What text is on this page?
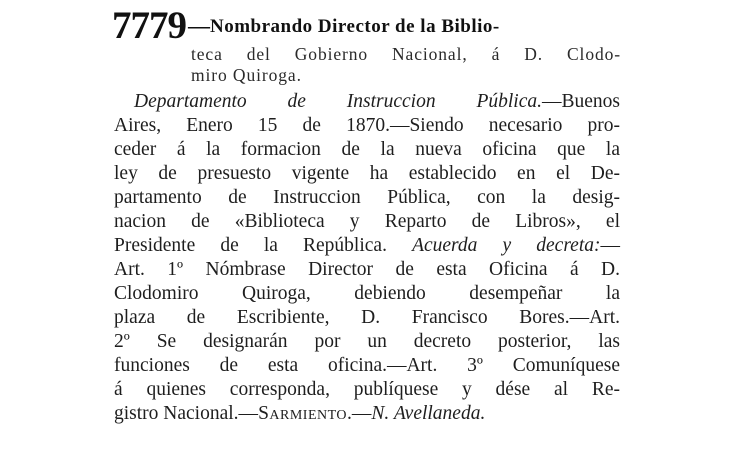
7779 — Nombrando Director de la Biblio-
teca del Gobierno Nacional, á D. Clodo-
miro Quiroga.
Departamento de Instruccion Pública.—Buenos
Aires, Enero 15 de 1870.—Siendo necesario pro-
ceder á la formacion de la nueva oficina que la
ley de presuesto vigente ha establecido en el De-
partamento de Instruccion Pública, con la desig-
nacion de «Biblioteca y Reparto de Libros», el
Presidente de la República. Acuerda y decreta:—
Art. 1º Nómbrase Director de esta Oficina á D.
Clodomiro Quiroga, debiendo desempeñar la
plaza de Escribiente, D. Francisco Bores.—Art.
2º Se designarán por un decreto posterior, las
funciones de esta oficina.—Art. 3º Comuníquese
á quienes corresponda, publíquese y dése al Re-
gistro Nacional.—Sarmiento.—N. Avellaneda.
